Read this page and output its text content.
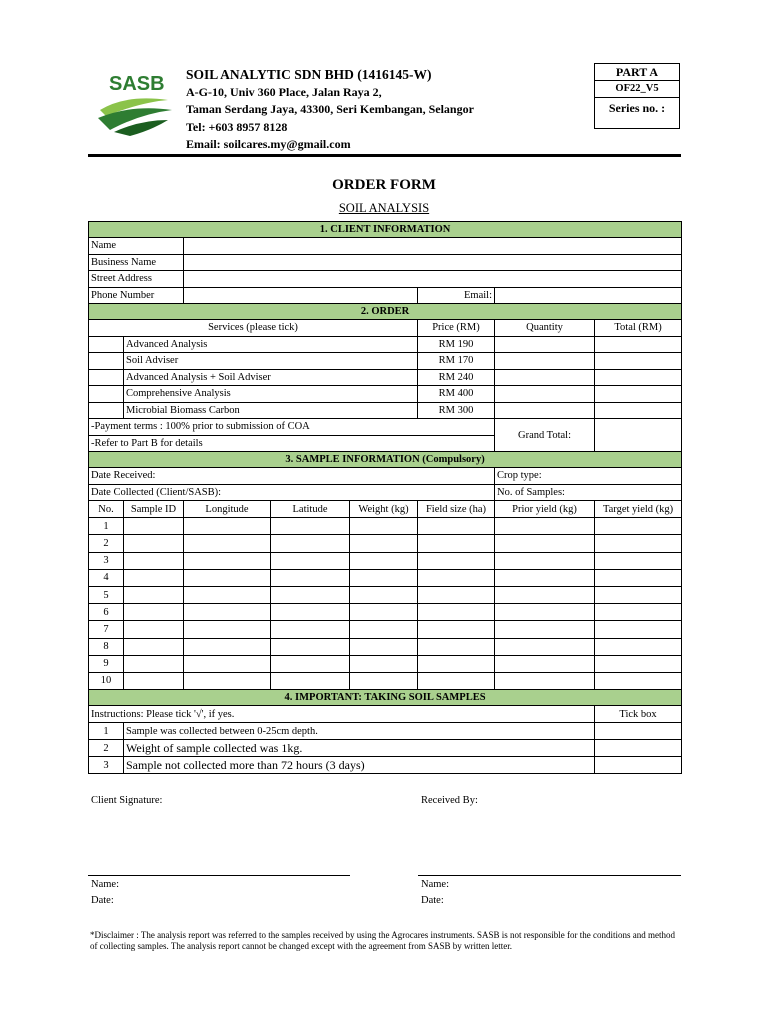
SASB SOIL ANALYTIC SDN BHD (1416145-W)
A-G-10, Univ 360 Place, Jalan Raya 2,
Taman Serdang Jaya, 43300, Seri Kembangan, Selangor
Tel: +603 8957 8128
Email: soilcares.my@gmail.com
PART A
OF22_V5
Series no. :
ORDER FORM
SOIL ANALYSIS
1. CLIENT INFORMATION							
Name							
Business Name							
Street Address							
Phone Number					Email:		
2. ORDER							
Services (please tick)					Price (RM)	Quantity	Total (RM)
	Advanced Analysis				RM 190		
	Soil Adviser				RM 170		
	Advanced Analysis + Soil Adviser				RM 240		
	Comprehensive Analysis				RM 400		
	Microbial Biomass Carbon				RM 300		
-Payment terms : 100% prior to submission of COA						Grand Total:	
-Refer to Part B for details							
3. SAMPLE INFORMATION (Compulsory)							
Date Received:						Crop type:	
Date Collected (Client/SASB):						No. of Samples:	
No.	Sample ID	Longitude	Latitude	Weight (kg)	Field size (ha)	Prior yield (kg)	Target yield (kg)
1							
2							
3							
4							
5							
6							
7							
8							
9							
10							
4. IMPORTANT: TAKING SOIL SAMPLES							
Instructions: Please tick '√', if yes.							Tick box
1	Sample was collected between 0-25cm depth.						
2	Weight of sample collected was 1kg.						
3	Sample not collected more than 72 hours (3 days)						
Client Signature:	Received By:
Name:
Date:
Name:
Date:
*Disclaimer : The analysis report was referred to the samples received by using the Agrocares instruments. SASB is not responsible for the conditions and method of collecting samples. The analysis report cannot be changed except with the agreement from SASB by written letter.
